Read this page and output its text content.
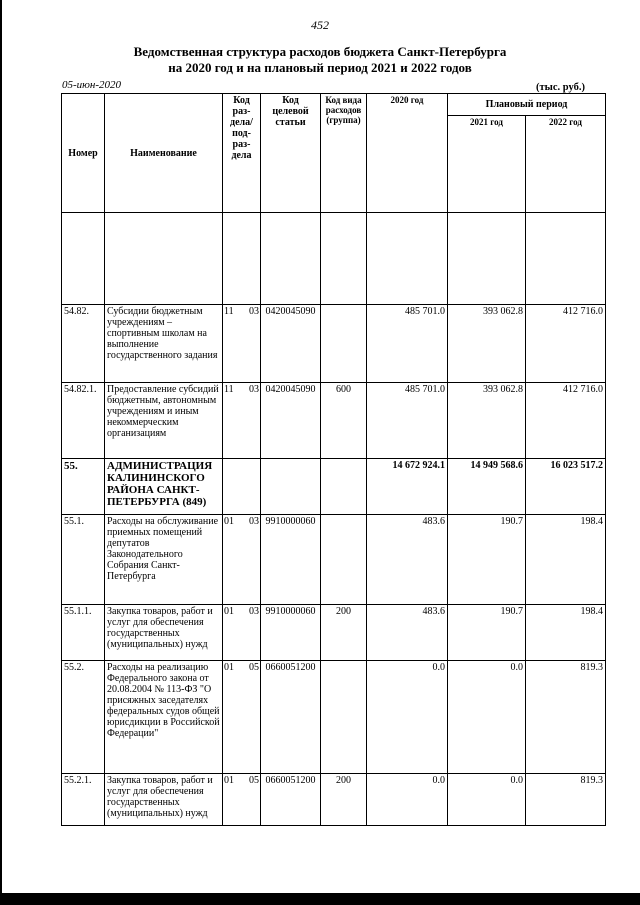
452
Ведомственная структура расходов бюджета Санкт-Петербурга
на 2020 год и на плановый период 2021 и 2022 годов
05-июн-2020	(тыс. руб.)
Номер	Наименование	Код раз- дела/ под- раз- дела	Код целевой статьи	Код вида расходов (группа)	2020 год	Плановый период	
						2021 год	2022 год

54.82.	Субсидии бюджетным учреждениям – спортивным школам на выполнение государственного задания	11 03	0420045090		485 701.0	393 062.8	412 716.0
54.82.1.	Предоставление субсидий бюджетным, автономным учреждениям и иным некоммерческим организациям	11 03	0420045090	600	485 701.0	393 062.8	412 716.0
55.	АДМИНИСТРАЦИЯ КАЛИНИНСКОГО РАЙОНА САНКТ-ПЕТЕРБУРГА (849)				14 672 924.1	14 949 568.6	16 023 517.2
55.1.	Расходы на обслуживание приемных помещений депутатов Законодательного Собрания Санкт-Петербурга	01 03	9910000060		483.6	190.7	198.4
55.1.1.	Закупка товаров, работ и услуг для обеспечения государственных (муниципальных) нужд	01 03	9910000060	200	483.6	190.7	198.4
55.2.	Расходы на реализацию Федерального закона от 20.08.2004 № 113-ФЗ "О присяжных заседателях федеральных судов общей юрисдикции в Российской Федерации"	01 05	0660051200		0.0	0.0	819.3
55.2.1.	Закупка товаров, работ и услуг для обеспечения государственных (муниципальных) нужд	01 05	0660051200	200	0.0	0.0	819.3
